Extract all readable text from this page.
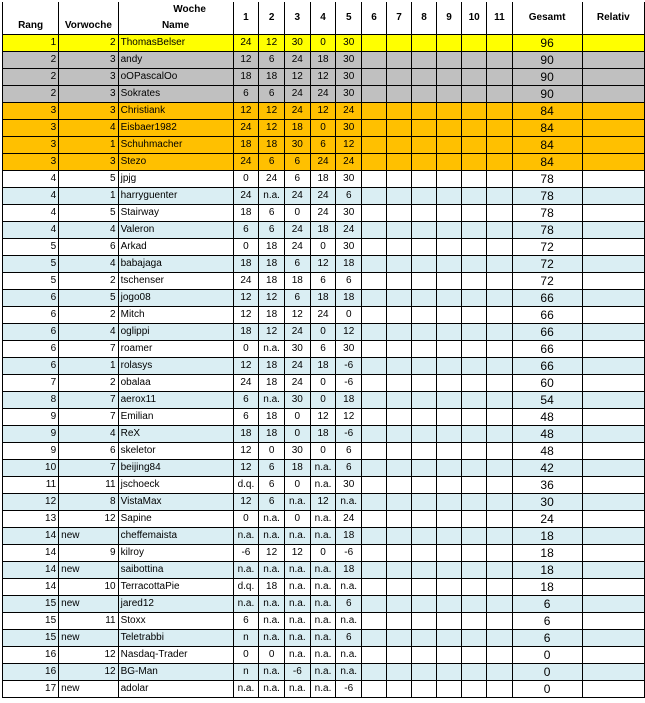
		Woche	1	2	3	4	5	6	7	8	9	10	11	Gesamt	Relativ
Rang	Vorwoche	Name													
1	2	ThomasBelser	24	12	30	0	30							96	
2	3	andy	12	6	24	18	30							90	
2	3	oOPascalOo	18	18	12	12	30							90	
2	3	Sokrates	6	6	24	24	30							90	
3	3	Christiank	12	12	24	12	24							84	
3	4	Eisbaer1982	24	12	18	0	30							84	
3	1	Schuhmacher	18	18	30	6	12							84	
3	3	Stezo	24	6	6	24	24							84	
4	5	jpjg	0	24	6	18	30							78	
4	1	harryguenter	24	n.a.	24	24	6							78	
4	5	Stairway	18	6	0	24	30							78	
4	4	Valeron	6	6	24	18	24							78	
5	6	Arkad	0	18	24	0	30							72	
5	4	babajaga	18	18	6	12	18							72	
5	2	tschenser	24	18	18	6	6							72	
6	5	jogo08	12	12	6	18	18							66	
6	2	Mitch	12	18	12	24	0							66	
6	4	oglippi	18	12	24	0	12							66	
6	7	roamer	0	n.a.	30	6	30							66	
6	1	rolasys	12	18	24	18	-6							66	
7	2	obalaa	24	18	24	0	-6							60	
8	7	aerox11	6	n.a.	30	0	18							54	
9	7	Emilian	6	18	0	12	12							48	
9	4	ReX	18	18	0	18	-6							48	
9	6	skeletor	12	0	30	0	6							48	
10	7	beijing84	12	6	18	n.a.	6							42	
11	11	jschoeck	d.q.	6	0	n.a.	30							36	
12	8	VistaMax	12	6	n.a.	12	n.a.							30	
13	12	Sapine	0	n.a.	0	n.a.	24							24	
14	new	cheffemaista	n.a.	n.a.	n.a.	n.a.	18							18	
14	9	kilroy	-6	12	12	0	-6							18	
14	new	saibottina	n.a.	n.a.	n.a.	n.a.	18							18	
14	10	TerracottaPie	d.q.	18	n.a.	n.a.	n.a.							18	
15	new	jared12	n.a.	n.a.	n.a.	n.a.	6							6	
15	11	Stoxx	6	n.a.	n.a.	n.a.	n.a.							6	
15	new	Teletrabbi	n	n.a.	n.a.	n.a.	6							6	
16	12	Nasdaq-Trader	0	0	n.a.	n.a.	n.a.							0	
16	12	BG-Man	n	n.a.	-6	n.a.	n.a.							0	
17	new	adolar	n.a.	n.a.	n.a.	n.a.	-6							0	
